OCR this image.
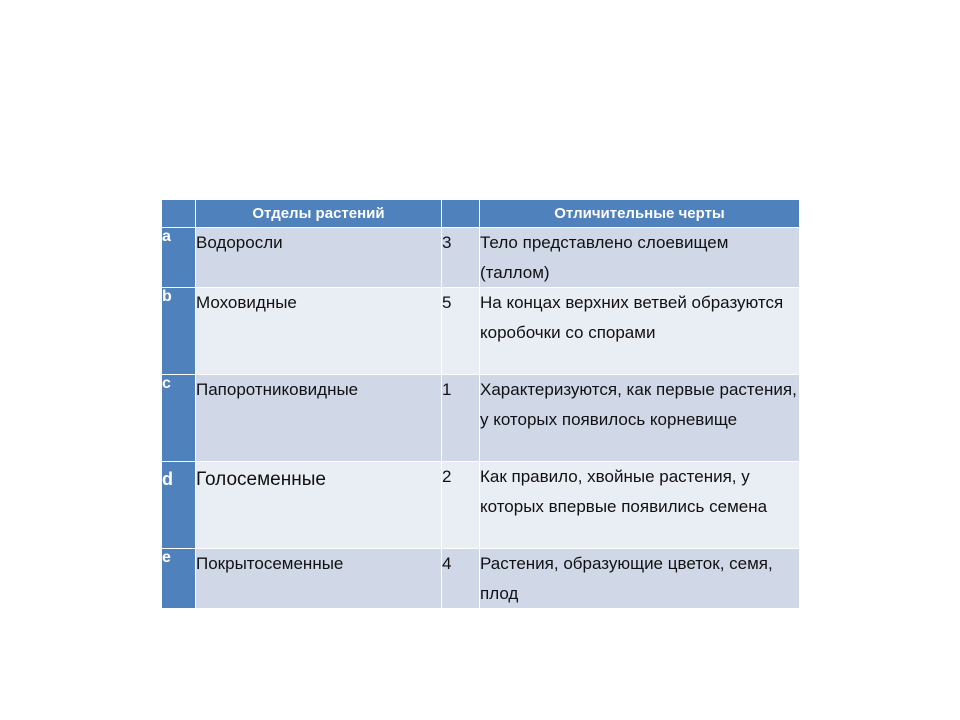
	Отделы растений		Отличительные черты
a	Водоросли	3	Тело представлено слоевищем (таллом)
b	Моховидные	5	На концах верхних ветвей образуются коробочки со спорами
c	Папоротниковидные	1	Характеризуются, как первые растения, у которых появилось корневище
d	Голосеменные	2	Как правило, хвойные растения, у которых впервые появились семена
e	Покрытосеменные	4	Растения, образующие цветок, семя, плод
